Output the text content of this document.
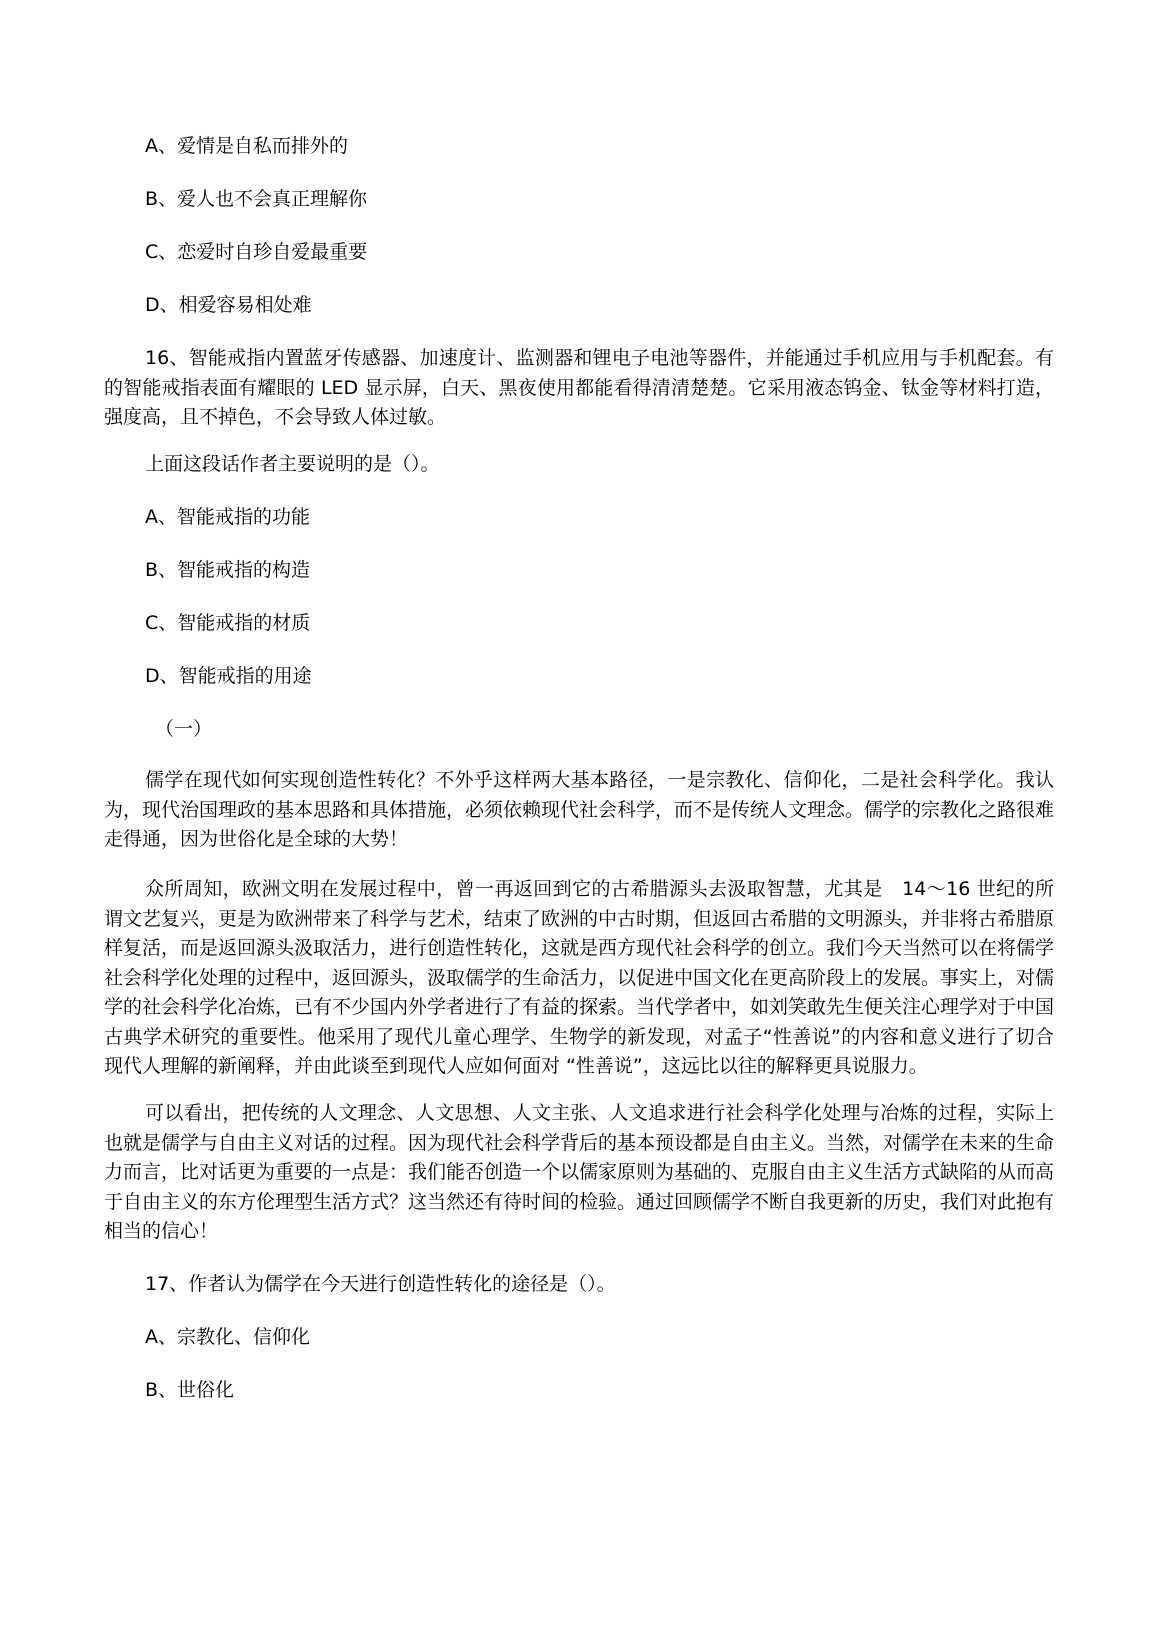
A、爱情是自私而排外的
B、爱人也不会真正理解你
C、恋爱时自珍自爱最重要
D、相爱容易相处难

16、智能戒指内置蓝牙传感器、加速度计、监测器和锂电子电池等器件，并能通过手机应用与手机配套。有的智能戒指表面有耀眼的 LED 显示屏，白天、黑夜使用都能看得清清楚楚。它采用液态钨金、钛金等材料打造，强度高，且不掉色，不会导致人体过敏。

上面这段话作者主要说明的是（）。
A、智能戒指的功能
B、智能戒指的构造
C、智能戒指的材质
D、智能戒指的用途
（一）

儒学在现代如何实现创造性转化？不外乎这样两大基本路径，一是宗教化、信仰化，二是社会科学化。我认为，现代治国理政的基本思路和具体措施，必须依赖现代社会科学，而不是传统人文理念。儒学的宗教化之路很难走得通，因为世俗化是全球的大势！

众所周知，欧洲文明在发展过程中，曾一再返回到它的古希腊源头去汲取智慧，尤其是　14～16 世纪的所谓文艺复兴，更是为欧洲带来了科学与艺术，结束了欧洲的中古时期，但返回古希腊的文明源头，并非将古希腊原样复活，而是返回源头汲取活力，进行创造性转化，这就是西方现代社会科学的创立。我们今天当然可以在将儒学社会科学化处理的过程中，返回源头，汲取儒学的生命活力，以促进中国文化在更高阶段上的发展。事实上，对儒学的社会科学化冶炼，已有不少国内外学者进行了有益的探索。当代学者中，如刘笑敢先生便关注心理学对于中国古典学术研究的重要性。他采用了现代儿童心理学、生物学的新发现，对孟子“性善说”的内容和意义进行了切合现代人理解的新阐释，并由此谈至到现代人应如何面对 “性善说”，这远比以往的解释更具说服力。

可以看出，把传统的人文理念、人文思想、人文主张、人文追求进行社会科学化处理与冶炼的过程，实际上也就是儒学与自由主义对话的过程。因为现代社会科学背后的基本预设都是自由主义。当然，对儒学在未来的生命力而言，比对话更为重要的一点是：我们能否创造一个以儒家原则为基础的、克服自由主义生活方式缺陷的从而高于自由主义的东方伦理型生活方式？这当然还有待时间的检验。通过回顾儒学不断自我更新的历史，我们对此抱有相当的信心！

17、作者认为儒学在今天进行创造性转化的途径是（）。
A、宗教化、信仰化
B、世俗化
